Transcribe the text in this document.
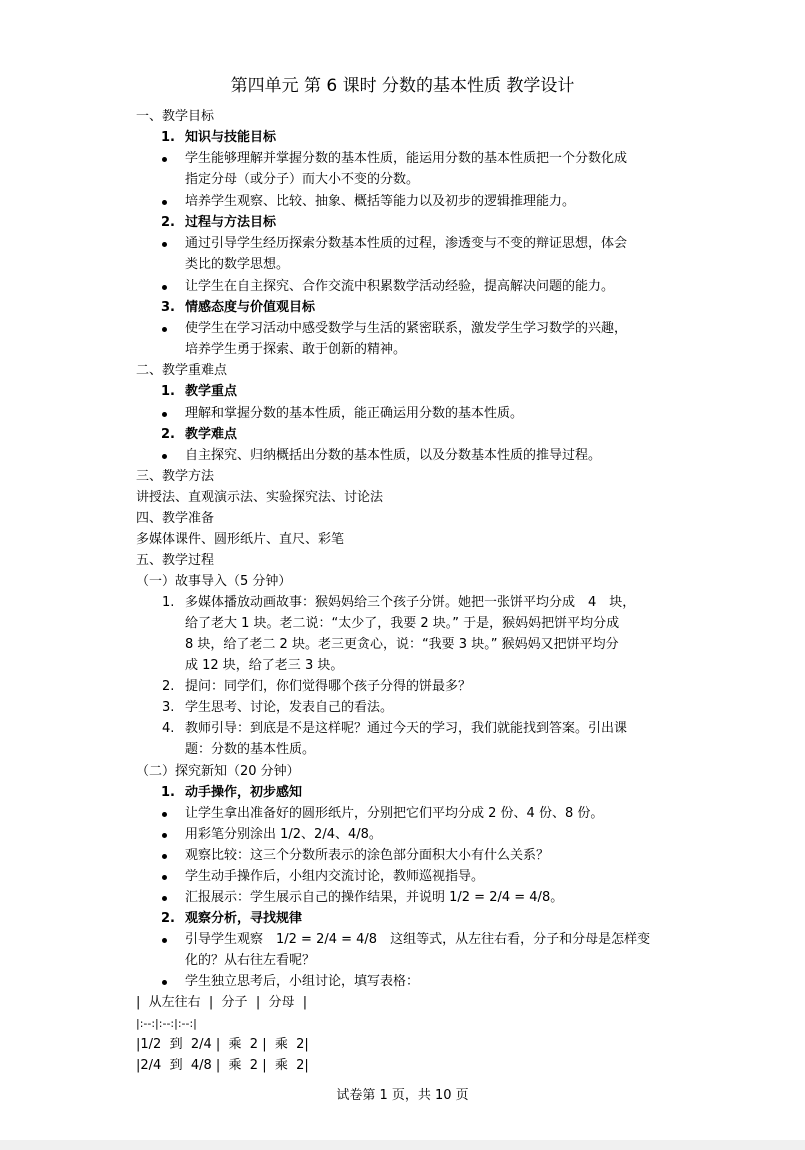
第四单元 第 6 课时 分数的基本性质 教学设计
一、教学目标
1. 知识与技能目标
学生能够理解并掌握分数的基本性质，能运用分数的基本性质把一个分数化成
指定分母（或分子）而大小不变的分数。
培养学生观察、比较、抽象、概括等能力以及初步的逻辑推理能力。
2. 过程与方法目标
通过引导学生经历探索分数基本性质的过程，渗透变与不变的辩证思想，体会
类比的数学思想。
让学生在自主探究、合作交流中积累数学活动经验，提高解决问题的能力。
3. 情感态度与价值观目标
使学生在学习活动中感受数学与生活的紧密联系，激发学生学习数学的兴趣，
培养学生勇于探索、敢于创新的精神。
二、教学重难点
1. 教学重点
理解和掌握分数的基本性质，能正确运用分数的基本性质。
2. 教学难点
自主探究、归纳概括出分数的基本性质，以及分数基本性质的推导过程。
三、教学方法
讲授法、直观演示法、实验探究法、讨论法
四、教学准备
多媒体课件、圆形纸片、直尺、彩笔
五、教学过程
（一）故事导入（5 分钟）
1. 多媒体播放动画故事：猴妈妈给三个孩子分饼。她把一张饼平均分成　4　块，
给了老大 1 块。老二说：“太少了，我要 2 块。” 于是，猴妈妈把饼平均分成
8 块，给了老二 2 块。老三更贪心，说：“我要 3 块。” 猴妈妈又把饼平均分
成 12 块，给了老三 3 块。
2. 提问：同学们，你们觉得哪个孩子分得的饼最多？
3. 学生思考、讨论，发表自己的看法。
4. 教师引导：到底是不是这样呢？通过今天的学习，我们就能找到答案。引出课
题：分数的基本性质。
（二）探究新知（20 分钟）
1. 动手操作，初步感知
让学生拿出准备好的圆形纸片，分别把它们平均分成 2 份、4 份、8 份。
用彩笔分别涂出 1/2、2/4、4/8。
观察比较：这三个分数所表示的涂色部分面积大小有什么关系？
学生动手操作后，小组内交流讨论，教师巡视指导。
汇报展示：学生展示自己的操作结果，并说明 1/2 = 2/4 = 4/8。
2. 观察分析，寻找规律
引导学生观察　1/2 = 2/4 = 4/8　这组等式，从左往右看，分子和分母是怎样变
化的？从右往左看呢？
学生独立思考后，小组讨论，填写表格：
|  从左往右  |  分子  |  分母  |
|:--:|:--:|:--:|
|1/2  到  2/4 |  乘  2 |  乘  2|
|2/4  到  4/8 |  乘  2 |  乘  2|
试卷第 1 页，共 10 页
